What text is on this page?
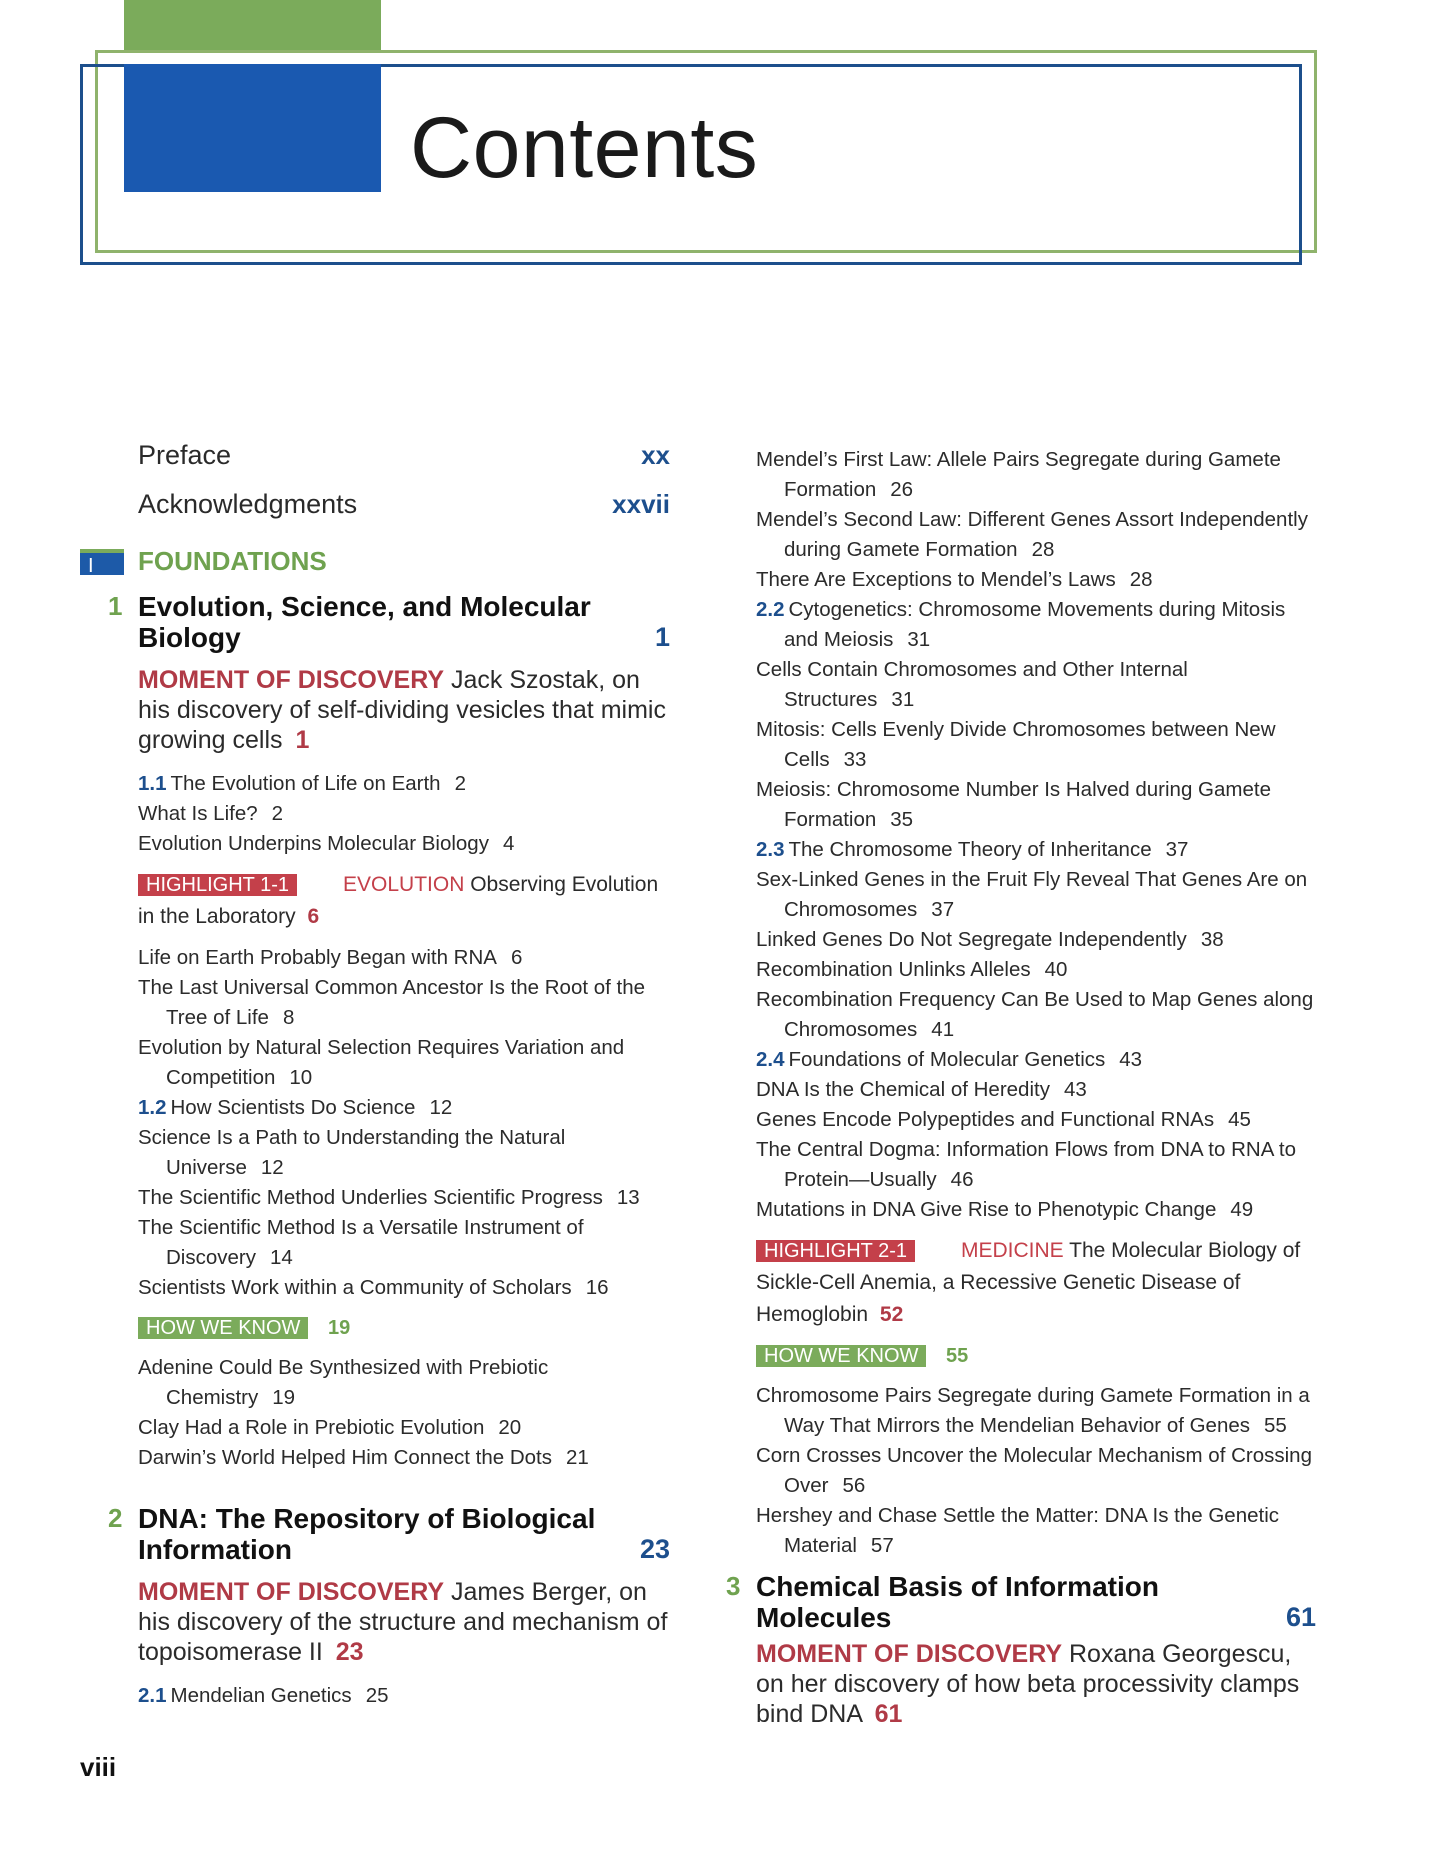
Contents
Preface	xx
Acknowledgments	xxvii
I	FOUNDATIONS
1 Evolution, Science, and Molecular Biology	1
MOMENT OF DISCOVERY Jack Szostak, on his discovery of self-dividing vesicles that mimic growing cells 1
1.1 The Evolution of Life on Earth 2
What Is Life? 2
Evolution Underpins Molecular Biology 4
HIGHLIGHT 1-1	EVOLUTION Observing Evolution in the Laboratory 6
Life on Earth Probably Began with RNA 6
The Last Universal Common Ancestor Is the Root of the Tree of Life 8
Evolution by Natural Selection Requires Variation and Competition 10
1.2 How Scientists Do Science 12
Science Is a Path to Understanding the Natural Universe 12
The Scientific Method Underlies Scientific Progress 13
The Scientific Method Is a Versatile Instrument of Discovery 14
Scientists Work within a Community of Scholars 16
HOW WE KNOW 19
Adenine Could Be Synthesized with Prebiotic Chemistry 19
Clay Had a Role in Prebiotic Evolution 20
Darwin’s World Helped Him Connect the Dots 21
2 DNA: The Repository of Biological Information	23
MOMENT OF DISCOVERY James Berger, on his discovery of the structure and mechanism of topoisomerase II 23
2.1 Mendelian Genetics 25
Mendel’s First Law: Allele Pairs Segregate during Gamete Formation 26
Mendel’s Second Law: Different Genes Assort Independently during Gamete Formation 28
There Are Exceptions to Mendel’s Laws 28
2.2 Cytogenetics: Chromosome Movements during Mitosis and Meiosis 31
Cells Contain Chromosomes and Other Internal Structures 31
Mitosis: Cells Evenly Divide Chromosomes between New Cells 33
Meiosis: Chromosome Number Is Halved during Gamete Formation 35
2.3 The Chromosome Theory of Inheritance 37
Sex-Linked Genes in the Fruit Fly Reveal That Genes Are on Chromosomes 37
Linked Genes Do Not Segregate Independently 38
Recombination Unlinks Alleles 40
Recombination Frequency Can Be Used to Map Genes along Chromosomes 41
2.4 Foundations of Molecular Genetics 43
DNA Is the Chemical of Heredity 43
Genes Encode Polypeptides and Functional RNAs 45
The Central Dogma: Information Flows from DNA to RNA to Protein—Usually 46
Mutations in DNA Give Rise to Phenotypic Change 49
HIGHLIGHT 2-1	MEDICINE The Molecular Biology of Sickle-Cell Anemia, a Recessive Genetic Disease of Hemoglobin 52
HOW WE KNOW 55
Chromosome Pairs Segregate during Gamete Formation in a Way That Mirrors the Mendelian Behavior of Genes 55
Corn Crosses Uncover the Molecular Mechanism of Crossing Over 56
Hershey and Chase Settle the Matter: DNA Is the Genetic Material 57
3 Chemical Basis of Information Molecules	61
MOMENT OF DISCOVERY Roxana Georgescu, on her discovery of how beta processivity clamps bind DNA 61
viii
